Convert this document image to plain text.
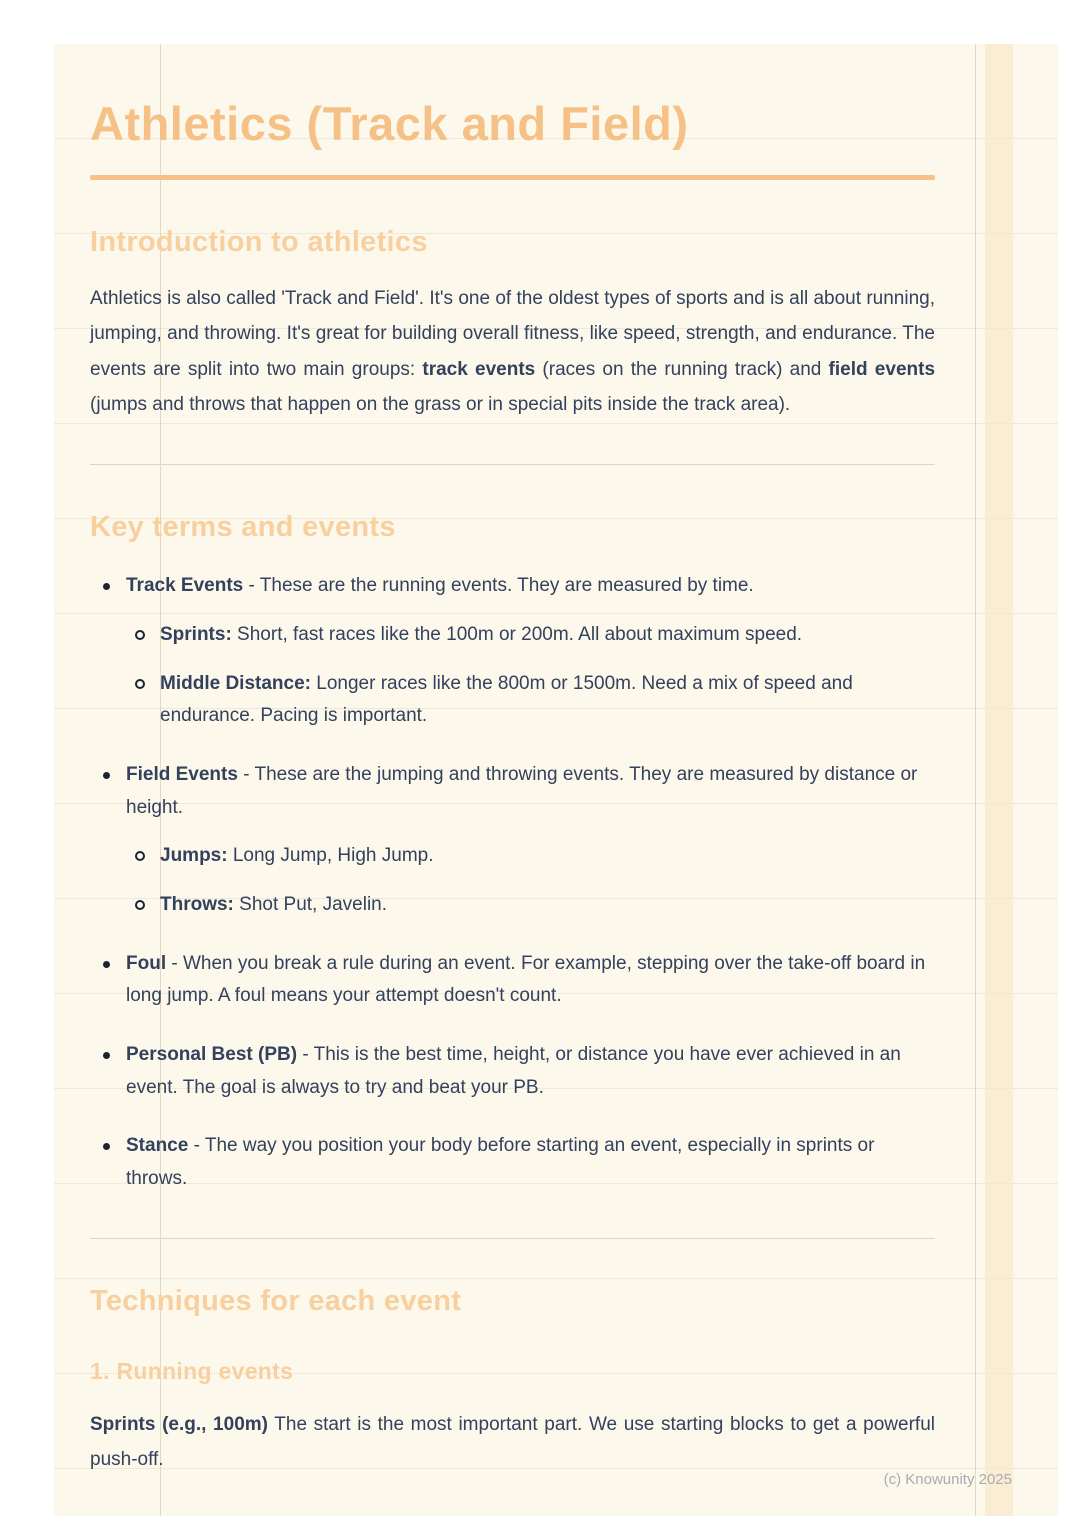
Athletics (Track and Field)
Introduction to athletics

Athletics is also called 'Track and Field'. It's one of the oldest types of sports and is all about running, jumping, and throwing. It's great for building overall fitness, like speed, strength, and endurance. The events are split into two main groups: track events (races on the running track) and field events (jumps and throws that happen on the grass or in special pits inside the track area).

Key terms and events
Track Events - These are the running events. They are measured by time.
Sprints: Short, fast races like the 100m or 200m. All about maximum speed.
Middle Distance: Longer races like the 800m or 1500m. Need a mix of speed and endurance. Pacing is important.
Field Events - These are the jumping and throwing events. They are measured by distance or height.
Jumps: Long Jump, High Jump.
Throws: Shot Put, Javelin.
Foul - When you break a rule during an event. For example, stepping over the take-off board in long jump. A foul means your attempt doesn't count.
Personal Best (PB) - This is the best time, height, or distance you have ever achieved in an event. The goal is always to try and beat your PB.
Stance - The way you position your body before starting an event, especially in sprints or throws.
Techniques for each event
1. Running events

Sprints (e.g., 100m) The start is the most important part. We use starting blocks to get a powerful push-off.

(c) Knowunity 2025
